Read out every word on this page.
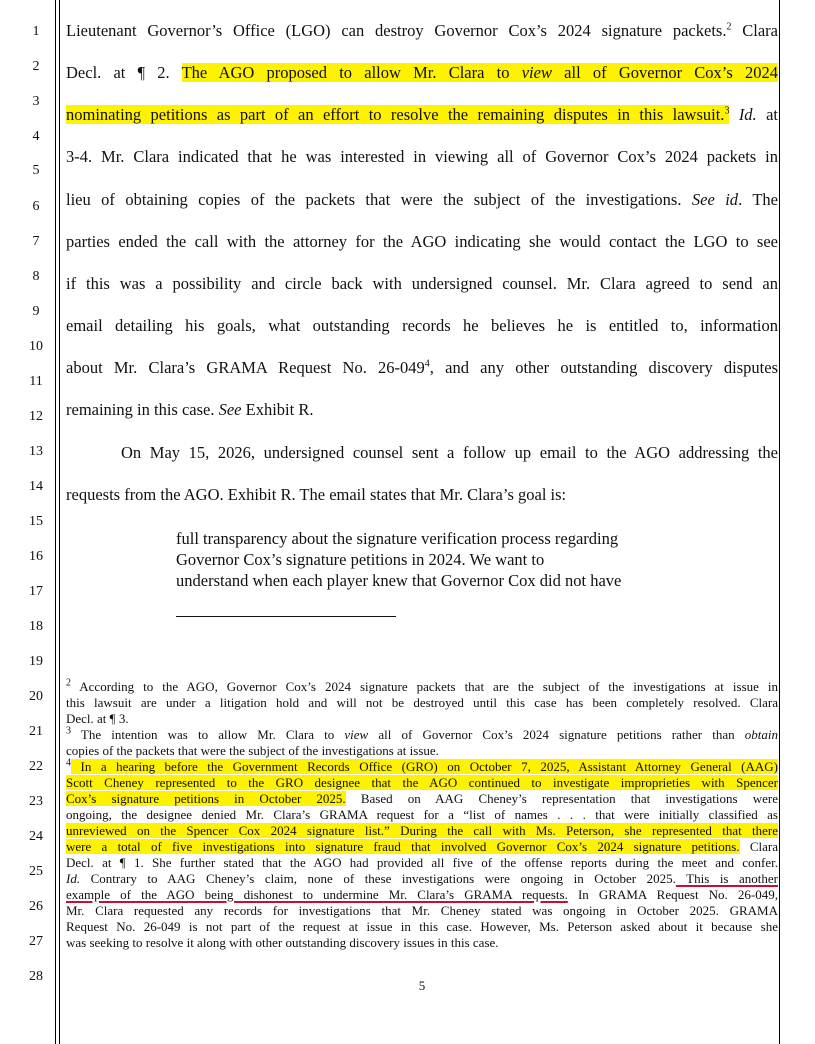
1
2
3
4
5
6
7
8
9
10
11
12
13
14
15
16
17
18
19
20
21
22
23
24
25
26
27
28
Lieutenant Governor’s Office (LGO) can destroy Governor Cox’s 2024 signature packets.$^2$ Clara
Decl. at ¶ 2. The AGO proposed to allow Mr. Clara to view all of Governor Cox’s 2024
nominating petitions as part of an effort to resolve the remaining disputes in this lawsuit.$^3$ Id. at
3-4. Mr. Clara indicated that he was interested in viewing all of Governor Cox’s 2024 packets in
lieu of obtaining copies of the packets that were the subject of the investigations. See id. The
parties ended the call with the attorney for the AGO indicating she would contact the LGO to see
if this was a possibility and circle back with undersigned counsel. Mr. Clara agreed to send an
email detailing his goals, what outstanding records he believes he is entitled to, information
about Mr. Clara’s GRAMA Request No. $26-049^4$, and any other outstanding discovery disputes
remaining in this case. See Exhibit R.
On May 15, 2026, undersigned counsel sent a follow up email to the AGO addressing the
requests from the AGO. Exhibit R. The email states that Mr. Clara’s goal is:
full transparency about the signature verification process regarding
Governor Cox’s signature petitions in 2024. We want to
understand when each player knew that Governor Cox did not have
$^2$ According to the AGO, Governor Cox’s 2024 signature packets that are the subject of the investigations at issue in
this lawsuit are under a litigation hold and will not be destroyed until this case has been completely resolved. Clara
Decl. at ¶ 3.
$^3$ The intention was to allow Mr. Clara to view all of Governor Cox’s 2024 signature petitions rather than obtain
copies of the packets that were the subject of the investigations at issue.
$^4$ In a hearing before the Government Records Office (GRO) on October 7, 2025, Assistant Attorney General (AAG)
Scott Cheney represented to the GRO designee that the AGO continued to investigate improprieties with Spencer
Cox’s signature petitions in October 2025. Based on AAG Cheney’s representation that investigations were
ongoing, the designee denied Mr. Clara’s GRAMA request for a “list of names . . . that were initially classified as
unreviewed on the Spencer Cox 2024 signature list.” During the call with Ms. Peterson, she represented that there
were a total of five investigations into signature fraud that involved Governor Cox’s 2024 signature petitions. Clara
Decl. at ¶ 1. She further stated that the AGO had provided all five of the offense reports during the meet and confer.
Id. Contrary to AAG Cheney’s claim, none of these investigations were ongoing in October 2025. This is another
example of the AGO being dishonest to undermine Mr. Clara’s GRAMA requests. In GRAMA Request No. 26-049,
Mr. Clara requested any records for investigations that Mr. Cheney stated was ongoing in October 2025. GRAMA
Request No. 26-049 is not part of the request at issue in this case. However, Ms. Peterson asked about it because she
was seeking to resolve it along with other outstanding discovery issues in this case.
5
